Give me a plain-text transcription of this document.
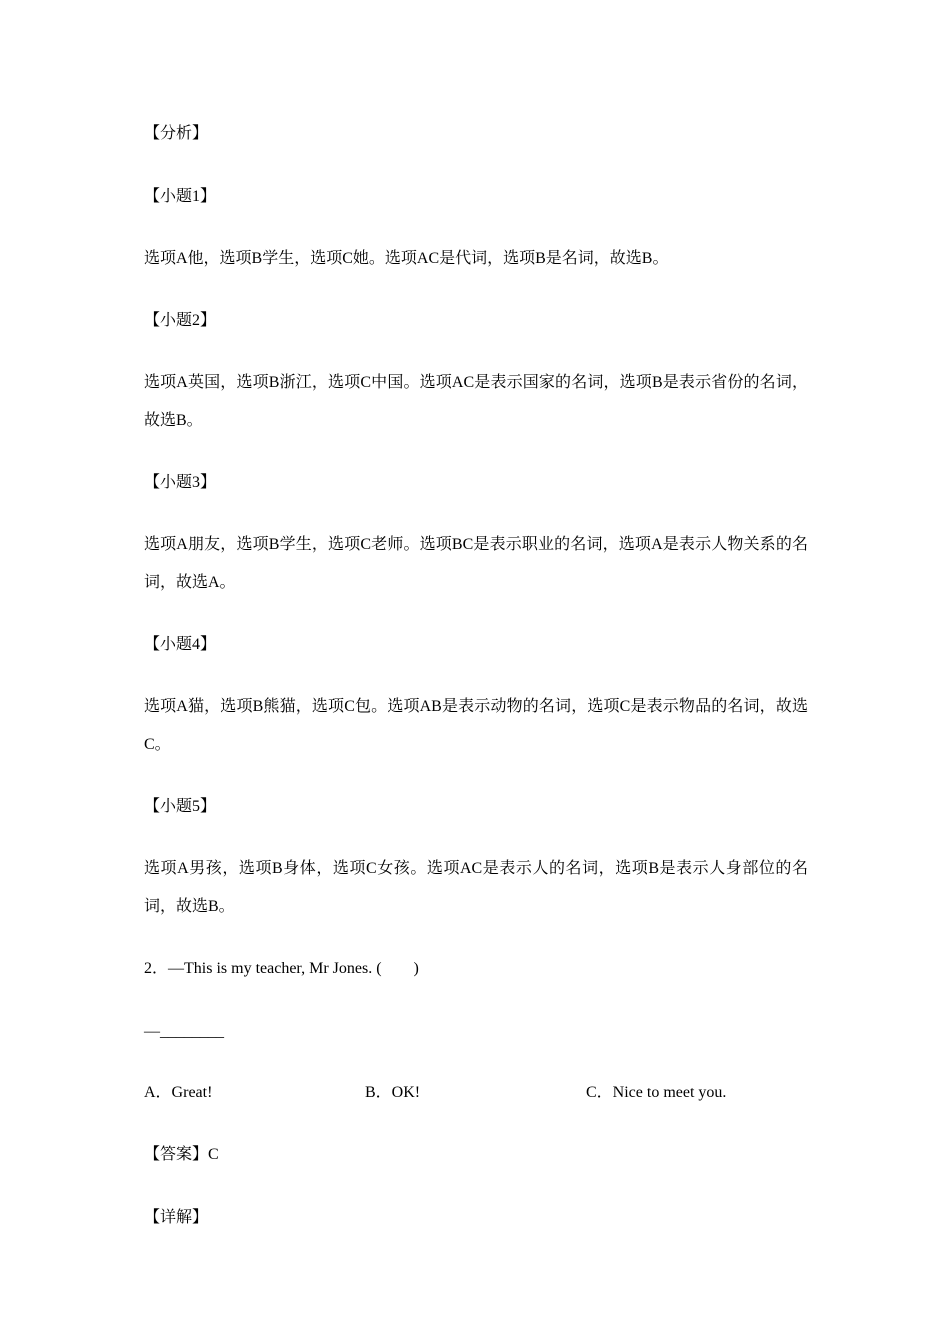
【分析】
【小题1】
选项A他，选项B学生，选项C她。选项AC是代词，选项B是名词，故选B。
【小题2】
选项A英国，选项B浙江，选项C中国。选项AC是表示国家的名词，选项B是表示省份的名词，故选B。
【小题3】
选项A朋友，选项B学生，选项C老师。选项BC是表示职业的名词，选项A是表示人物关系的名词，故选A。
【小题4】
选项A猫，选项B熊猫，选项C包。选项AB是表示动物的名词，选项C是表示物品的名词，故选C。
【小题5】
选项A男孩，选项B身体，选项C女孩。选项AC是表示人的名词，选项B是表示人身部位的名词，故选B。
2．—This is my teacher, Mr Jones. (　　)
—________
A．Great!	B．OK!	C．Nice to meet you.
【答案】C
【详解】
